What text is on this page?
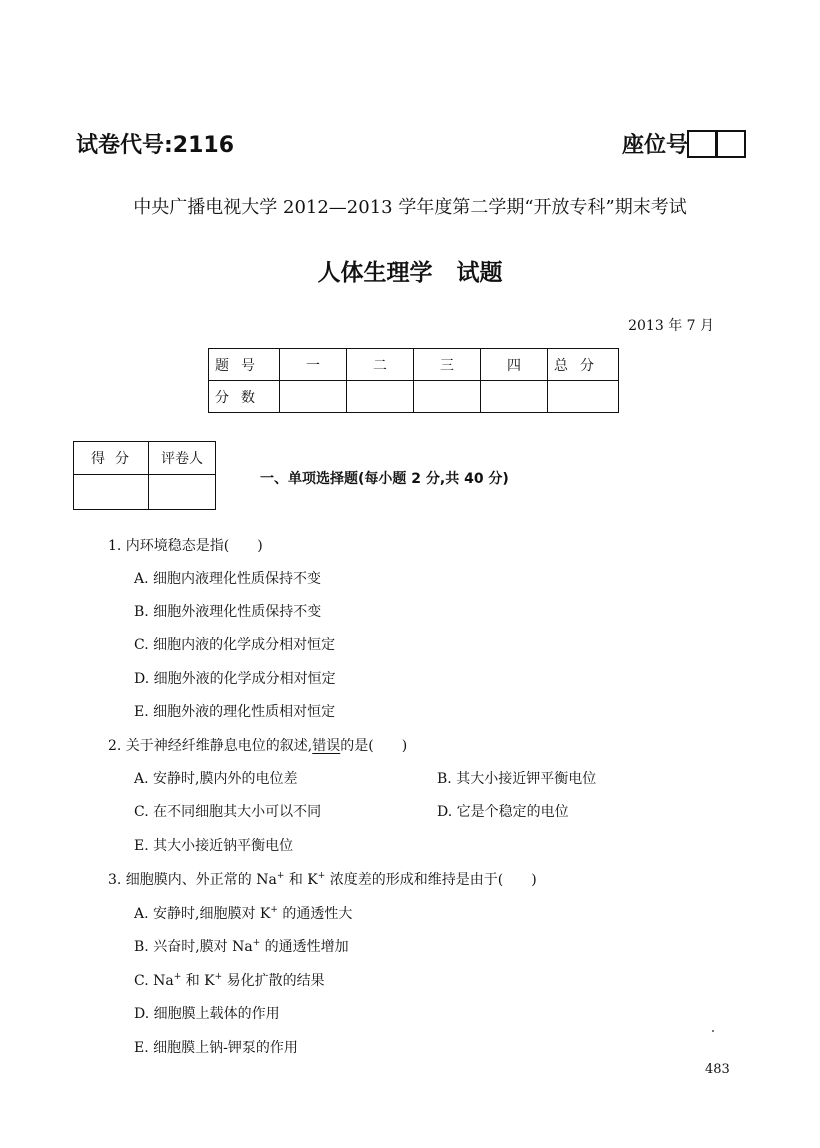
试卷代号:2116	座位号
中央广播电视大学 2012—2013 学年度第二学期“开放专科”期末考试
人体生理学 试题
2013 年 7 月
题号	一	二	三	四	总分
分数					
得分	评卷人

一、单项选择题(每小题 2 分,共 40 分)
1. 内环境稳态是指(　　)
A. 细胞内液理化性质保持不变
B. 细胞外液理化性质保持不变
C. 细胞内液的化学成分相对恒定
D. 细胞外液的化学成分相对恒定
E. 细胞外液的理化性质相对恒定
2. 关于神经纤维静息电位的叙述,错误的是(　　)
A. 安静时,膜内外的电位差	B. 其大小接近钾平衡电位
C. 在不同细胞其大小可以不同	D. 它是个稳定的电位
E. 其大小接近钠平衡电位
3. 细胞膜内、外正常的 Na+ 和 K+ 浓度差的形成和维持是由于(　　)
A. 安静时,细胞膜对 K+ 的通透性大
B. 兴奋时,膜对 Na+ 的通透性增加
C. Na+ 和 K+ 易化扩散的结果
D. 细胞膜上载体的作用
E. 细胞膜上钠-钾泵的作用
483
